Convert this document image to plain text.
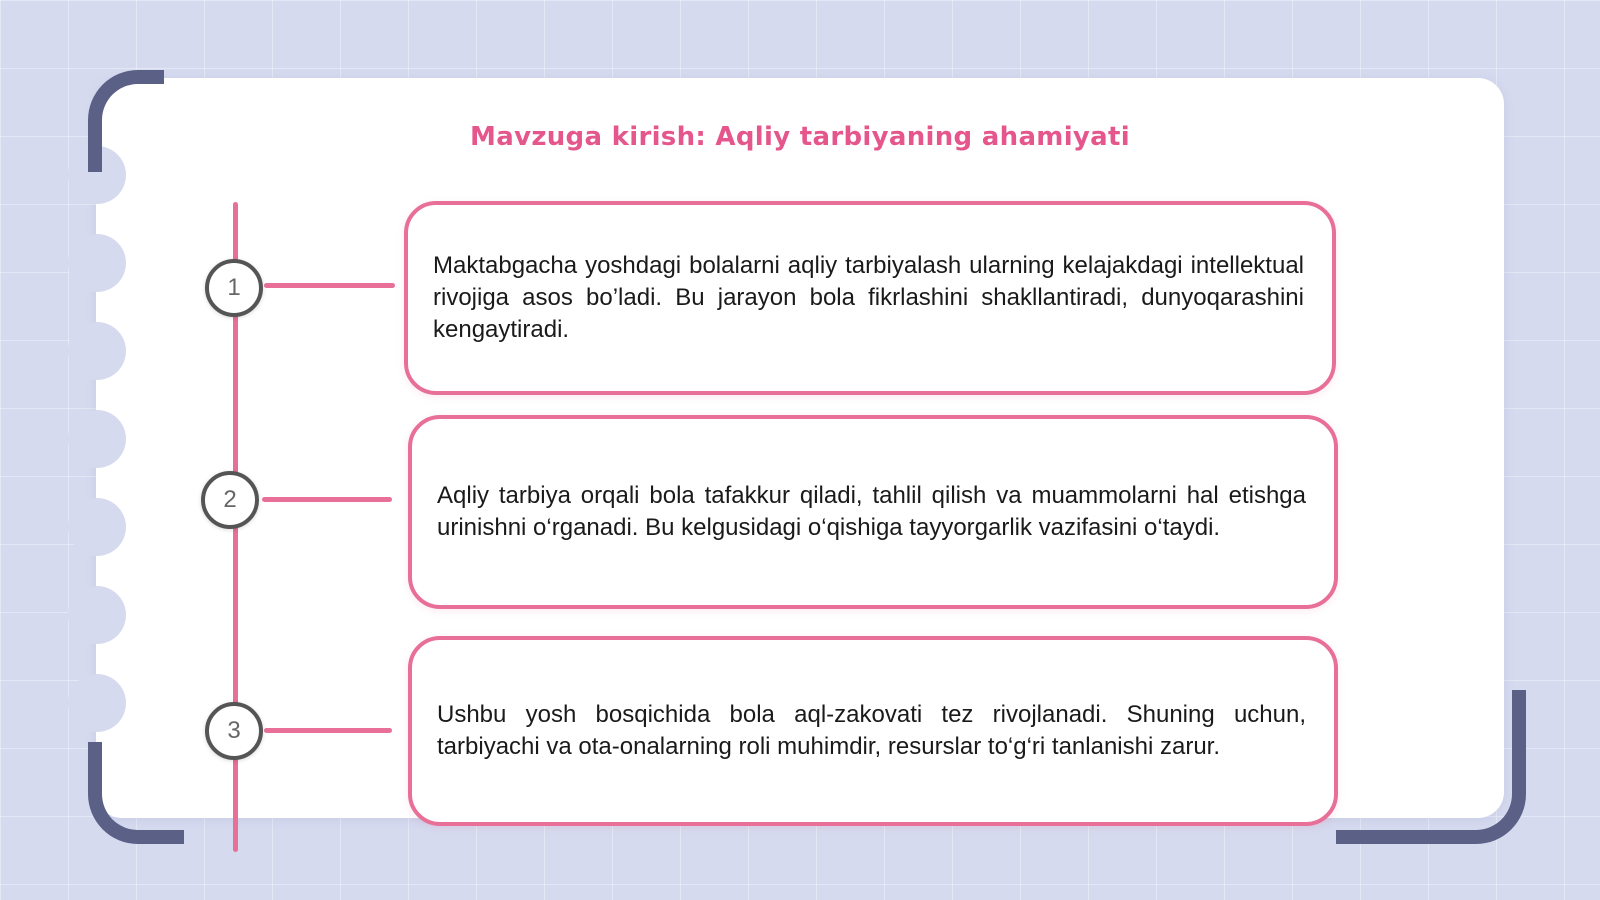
Mavzuga kirish: Aqliy tarbiyaning ahamiyati
1

Maktabgacha yoshdagi bolalarni aqliy tarbiyalash ularning kelajakdagi intellektual rivojiga asos bo’ladi. Bu jarayon bola fikrlashini shakllantiradi, dunyoqarashini kengaytiradi.

2	Aqliy tarbiya orqali bola tafakkur qiladi, tahlil qilish va muammolarni hal etishga urinishni o‘rganadi. Bu kelgusidagi o‘qishiga tayyorgarlik vazifasini o‘taydi.

3

Ushbu yosh bosqichida bola aql-zakovati tez rivojlanadi. Shuning uchun, tarbiyachi va ota-onalarning roli muhimdir, resurslar to‘g‘ri tanlanishi zarur.
